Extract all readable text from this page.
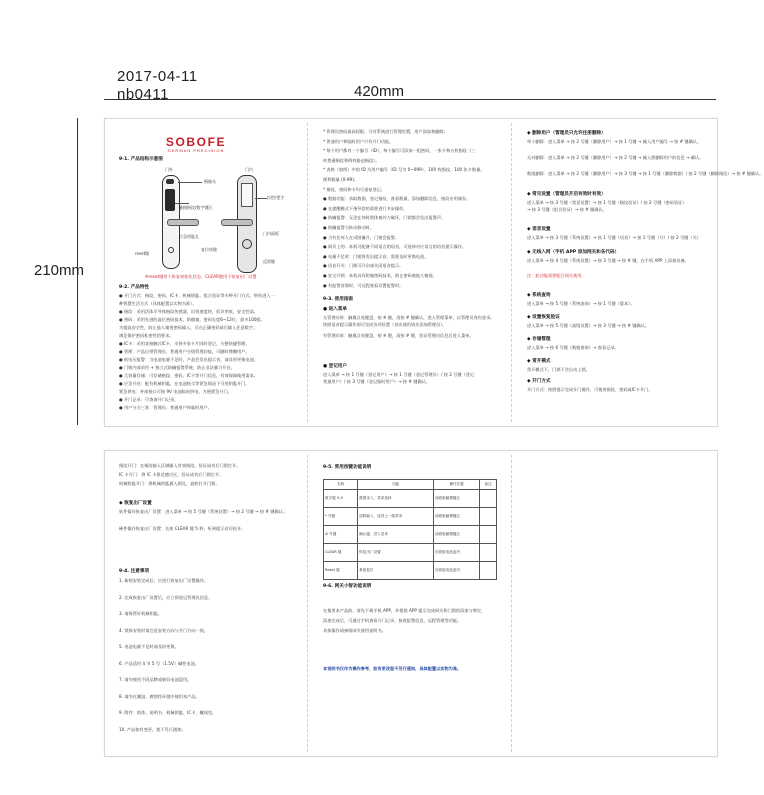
2017-04-11
nb0411	420mm
210mm
SOBOFE
GERMAN PRECISION
9-1. 产品结构示意图
门外	门内
摄像头
触摸指纹/数字键区
拉把/把手
应急钥匙孔
门内面板
reset键
反锁键
复位按键
※reset键用于恢复初始化状态，CLEAR键用于恢复出厂设置
9-2. 产品特性
● 开门方式：指纹、密码、IC卡、机械钥匙、组合验证等多种开门方式，带你进入一
种智慧生活方式（具体配置以实物为准）。
● 指纹：采用活体半导体指纹传感器，识别速度快，拒识率低，安全性高。
● 密码：采用先进的虚位密码技术，防偷窥，密码长度6~12位，最多100组。
为提高安全性，防止他人窥视密码输入，可在正确密码前后输入任意数字。
满足保护密码私密性的要求。
● IC卡：采用非接触式IC卡，支持多张卡片同时登记，方便快捷管理。
● 管理：产品自带管理员、普通用户分级管理功能，可随时增删用户。
● 低电压报警：当电池电量不足时，产品会发出提示音，请及时更换电池。
● 门锁内部采用 + 独立式防撬报警系统，防止非法暴力开启，
● 大容量存储：可存储指纹、密码、IC卡等开门信息，有效保障使用需求。
● 应急开启：配有机械钥匙，在电池耗尽等紧急情况下可用钥匙开门。
紧急供电：外部接口可接 9V 电池临时供电，方便紧急开门。
● 开门记录：可查询开门记录，
● 用户分为三类：管理员、普通用户和临时用户。
* 管理员密码最高权限，可对系统进行管理设置，用户添加和删除；
* 普通用户和临时用户只有开门功能。
* 每个用户都有一个编号（ID），每个编号可添加一组密码、一张卡和五枚指纹（三
枚普通指纹和两枚胁迫指纹）。
* 表格（如图）中的 ID 为用户编号（ID 号为 0~999）、100 枚指纹、100 张卡数量。
便利数量 (0-99)。
* 指纹、密码和卡均可重复登记。
● 数据功能：录取数据，登记指纹，查看数量，添加删除信息，指纹专用储存。
● 在提醒模式下指导您的需要进行多步操作。
● 防撬报警：无论在何时锁体被外力破坏，门锁都会发出报警声。
● 防撬报警当转动移动时。
● 当有任何人在试图撬开，门锁会报警。
● 网页上的：本机可配备不同语言的语音，可选择对应语言的语音提示操作。
● 电量不足时：门锁将发出提示音，需要及时更换电池。
● 语音开关：门锁可开启或关闭语音提示。
● 安全开锁：本机具有防窥密码技术，防止密码被他人窥视。
● 有报警音频时，可远程查看设置报警时。
9-3. 使用指南
● 进入菜单
无管理员时：触摸点亮键盘，按 ※ 键，再按 # 键确认，进入管理菜单，以管理员身份登录。
按照语音提示操作即可完成各项设置（首次使用请先添加管理员）。
有管理员时：触摸点亮键盘，按 ※ 键，再按 # 键，验证管理员信息后进入菜单。
● 登记用户
进入菜单 → 按 1 号键（登记用户）→ 按 1 号键（登记管理员）/ 按 2 号键（登记
普通用户）/ 按 3 号键（登记临时用户）→ 按 # 键确认。
◆ 删除用户（管理员只允许注册删除）
单个删除：进入菜单 → 按 2 号键（删除用户）→ 按 1 号键 → 输入用户编号 → 按 # 键确认。
无对删除：进入菜单 → 按 2 号键（删除用户）→ 按 2 号键 → 输入要删除用户的信息 → 确认。
数组删除：进入菜单 → 按 2 号键（删除用户）→ 按 3 号键 → 按 1 号键（删除数据）/ 按 2 号键（删除指纹）→ 按 # 键确认。
◆ 常见设置（管理员开启有效时有效）
进入菜单 → 按 3 号键（常见设置）→ 按 1 号键（指纹验证）/ 按 2 号键（密码验证）
→ 按 3 号键（组合验证）→ 按 # 键确认。
◆ 语音设置
进入菜单 → 按 3 号键（系统设置）→ 按 1 号键（语音）→ 按 1 号键（开）/ 按 2 号键（关）
◆ 无线入网（手机 APP 添加网关和各代码）
进入菜单 → 按 4 号键（系统设置）→ 按 3 号键 → 按 # 键，在手机 APP 上添加设备。
注：此功能需要配合网关使用。
◆ 系统查询
进入菜单 → 按 5 号键（系统查询）→ 按 1 号键（版本）。
◆ 设置恢复验证
进入菜单 → 按 5 号键（高级设置）→ 按 3 号键 → 按 # 键确认。
◆ 存储管理
进入菜单 → 按 6 号键（数据查询）→ 查看记录。
◆ 常开模式
常开模式下，门锁不会自动上锁。
◆ 开门方式
开门方式：按照提示完成开门操作，可使用指纹、密码或IC卡开门。
指纹开门：在指纹输入区域输入有效指纹，验证成功后门锁打开。
IC 卡开门：将 IC 卡靠近感应区，验证成功后门锁打开。
机械钥匙开门：将机械钥匙插入锁孔，旋转打开门锁。
◆ 恢复出厂设置
软件操作恢复出厂设置：进入菜单 → 按 5 号键（系统设置）→ 按 2 号键 → 按 # 键确认。
硬件操作恢复出厂设置：长按 CLEAR 键 5 秒，听到提示音后松开。
9-4. 注意事项
1. 新锁安装完成后，应进行恢复出厂设置操作。
2. 完成恢复出厂设置后，应立即登记管理员信息。
3. 请保管好机械钥匙。
4. 锁体安装时请注意安装方向与开门方向一致。
5. 电池电量不足时请及时更换。
6. 产品适用 4 节 5 号（1.5V）碱性电池。
7. 请勿使用不同品牌或新旧电池混用。
8. 请勿在潮湿、腐蚀性环境中使用本产品。
9. 附件：锁体、说明书、机械钥匙、IC卡、螺丝包。
10. 产品如有变更，恕不另行通知。
9-5. 常用按键功能说明
名称	功能	操作位置	备注
数字键 0-9	数据录入、菜单选择	前面板触摸键区	
* 号键	清除输入、返回上一级菜单	前面板触摸键区	
# 号键	确认键、进入菜单	前面板触摸键区	
CLEAR 键	恢复出厂设置	后面板电池盒内	
Reset 键	系统复位	后面板电池盒内	
9-6. 网关小智功能说明
在使用本产品前，请先下载手机 APP，并根据 APP 提示完成网关和门锁的添加与绑定。
添加完成后，可通过手机查看开门记录、接收报警信息、远程管理等功能。
具体操作请参阅网关使用说明书。
本说明书仅作为操作参考，如有更改恕不另行通知，具体配置以实物为准。
